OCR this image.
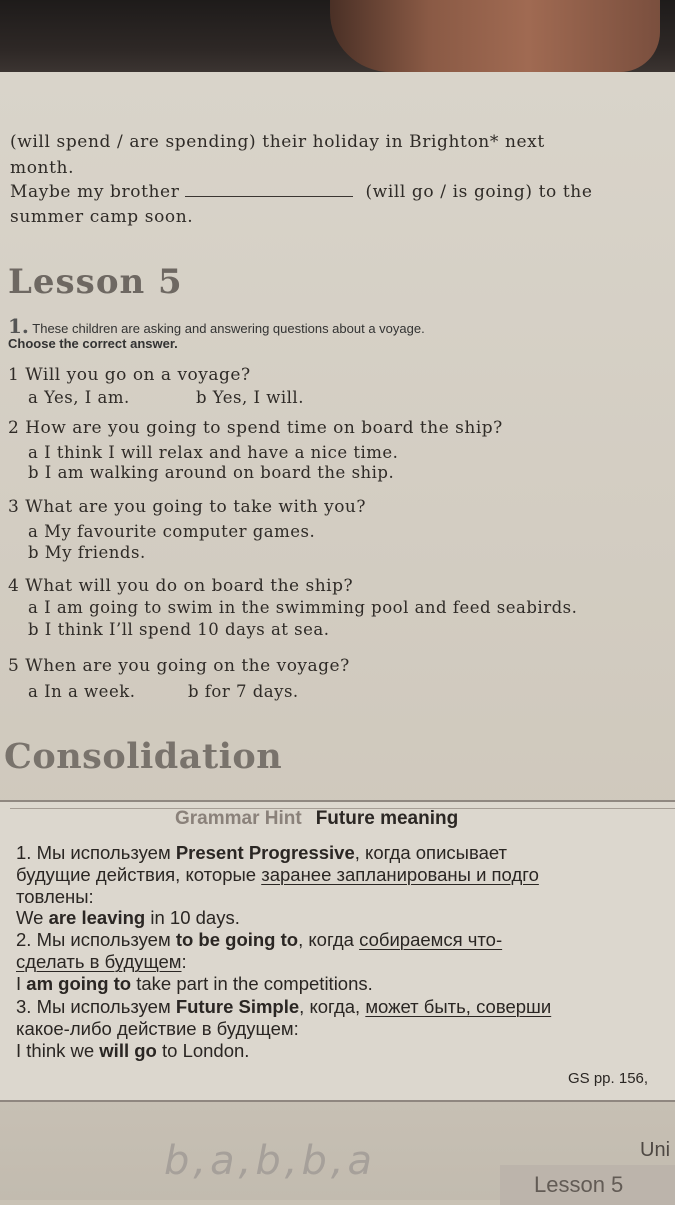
(will spend / are spending) their holiday in Brighton* next
month.
Maybe my brother	(will go / is going) to the
summer camp soon.
Lesson 5
1. These children are asking and answering questions about a voyage.
Choose the correct answer.
1 Will you go on a voyage?
a Yes, I am.	b Yes, I will.
2 How are you going to spend time on board the ship?
a I think I will relax and have a nice time.
b I am walking around on board the ship.
3 What are you going to take with you?
a My favourite computer games.
b My friends.
4 What will you do on board the ship?
a I am going to swim in the swimming pool and feed seabirds.
b I think I’ll spend 10 days at sea.
5 When are you going on the voyage?
a In a week.	b for 7 days.
Consolidation
Grammar Hint Future meaning
1. Мы используем Present Progressive, когда описывает
будущие действия, которые заранее запланированы и подго
товлены:
We are leaving in 10 days.
2. Мы используем to be going to, когда собираемся что-
сделать в будущем:
I am going to take part in the competitions.
3. Мы используем Future Simple, когда, может быть, соверши
какое-либо действие в будущем:
I think we will go to London.
GS pp. 156,
b,a,b,b,a	Uni
Lesson 5
